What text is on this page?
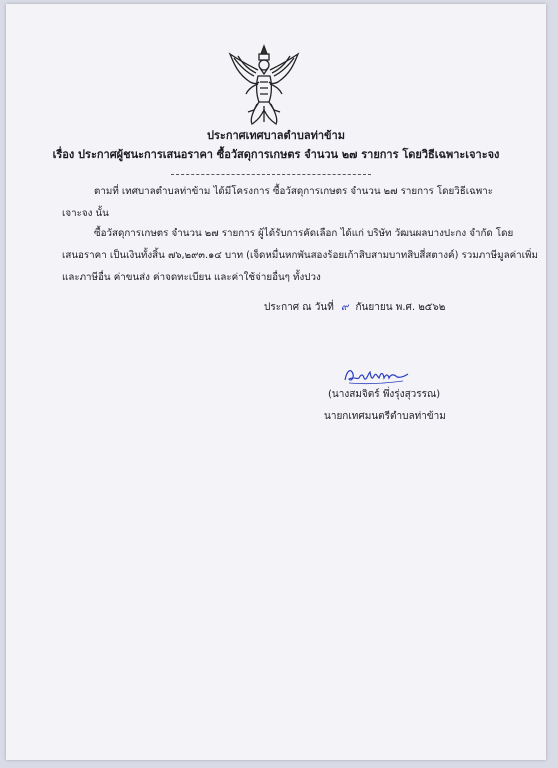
ประกาศเทศบาลตำบลท่าข้าม
เรื่อง ประกาศผู้ชนะการเสนอราคา ซื้อวัสดุการเกษตร จำนวน ๒๗ รายการ โดยวิธีเฉพาะเจาะจง
ตามที่ เทศบาลตำบลท่าข้าม ได้มีโครงการ ซื้อวัสดุการเกษตร จำนวน ๒๗ รายการ โดยวิธีเฉพาะ
เจาะจง นั้น
ซื้อวัสดุการเกษตร จำนวน ๒๗ รายการ ผู้ได้รับการคัดเลือก ได้แก่ บริษัท วัฒนผลบางปะกง จำกัด โดย
เสนอราคา เป็นเงินทั้งสิ้น ๗๖,๒๙๓.๑๔ บาท (เจ็ดหมื่นหกพันสองร้อยเก้าสิบสามบาทสิบสี่สตางค์) รวมภาษีมูลค่าเพิ่ม
และภาษีอื่น ค่าขนส่ง ค่าจดทะเบียน และค่าใช้จ่ายอื่นๆ ทั้งปวง
ประกาศ ณ วันที่ ๙ กันยายน พ.ศ. ๒๕๖๒
(นางสมจิตร์ พึ่งรุ่งสุวรรณ)
นายกเทศมนตรีตำบลท่าข้าม
